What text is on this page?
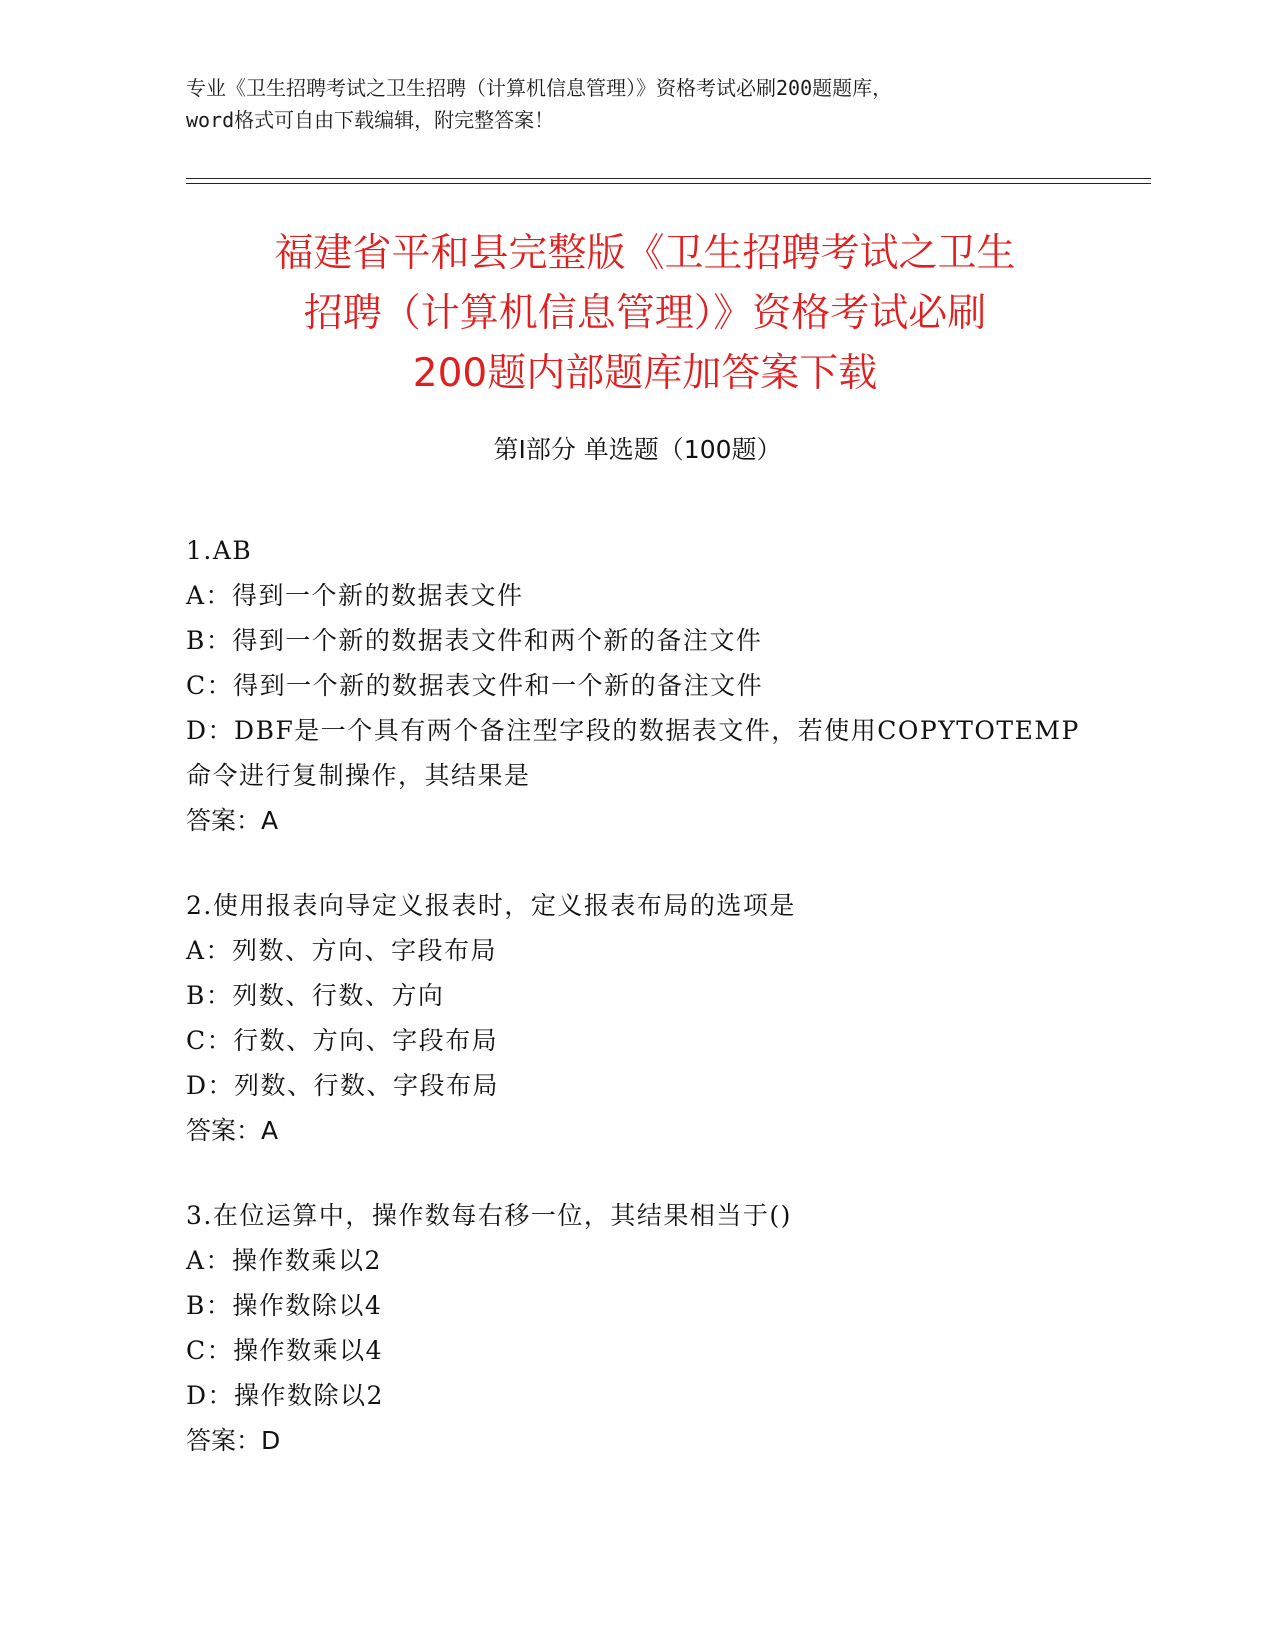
专业《卫生招聘考试之卫生招聘（计算机信息管理）》资格考试必刷200题题库，
word格式可自由下载编辑，附完整答案！
福建省平和县完整版《卫生招聘考试之卫生
招聘（计算机信息管理）》资格考试必刷
200题内部题库加答案下载
第Ⅰ部分 单选题（100题）
1.AB
A：得到一个新的数据表文件
B：得到一个新的数据表文件和两个新的备注文件
C：得到一个新的数据表文件和一个新的备注文件
D：DBF是一个具有两个备注型字段的数据表文件，若使用COPYTOTEMP
命令进行复制操作，其结果是
答案：A
2.使用报表向导定义报表时，定义报表布局的选项是
A：列数、方向、字段布局
B：列数、行数、方向
C：行数、方向、字段布局
D：列数、行数、字段布局
答案：A
3.在位运算中，操作数每右移一位，其结果相当于()
A：操作数乘以2
B：操作数除以4
C：操作数乘以4
D：操作数除以2
答案：D
